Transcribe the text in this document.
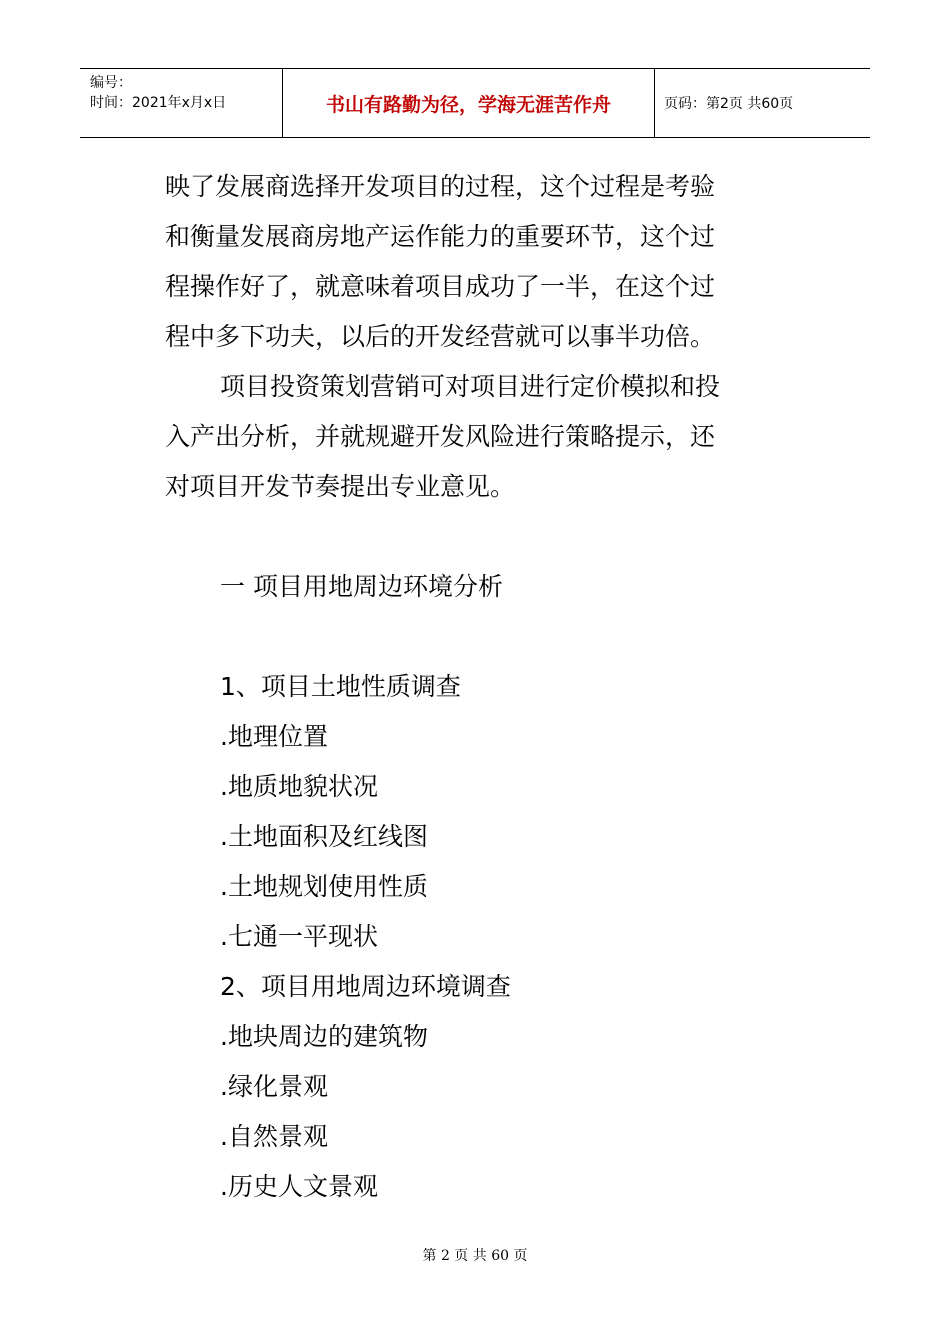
编号：
时间：2021年x月x日	书山有路勤为径，学海无涯苦作舟	页码：第2页 共60页
映了发展商选择开发项目的过程，这个过程是考验
和衡量发展商房地产运作能力的重要环节，这个过
程操作好了，就意味着项目成功了一半，在这个过
程中多下功夫，以后的开发经营就可以事半功倍。
项目投资策划营销可对项目进行定价模拟和投
入产出分析，并就规避开发风险进行策略提示，还
对项目开发节奏提出专业意见。
一 项目用地周边环境分析
1、项目土地性质调查
.地理位置
.地质地貌状况
.土地面积及红线图
.土地规划使用性质
.七通一平现状
2、项目用地周边环境调查
.地块周边的建筑物
.绿化景观
.自然景观
.历史人文景观
第 2 页 共 60 页
